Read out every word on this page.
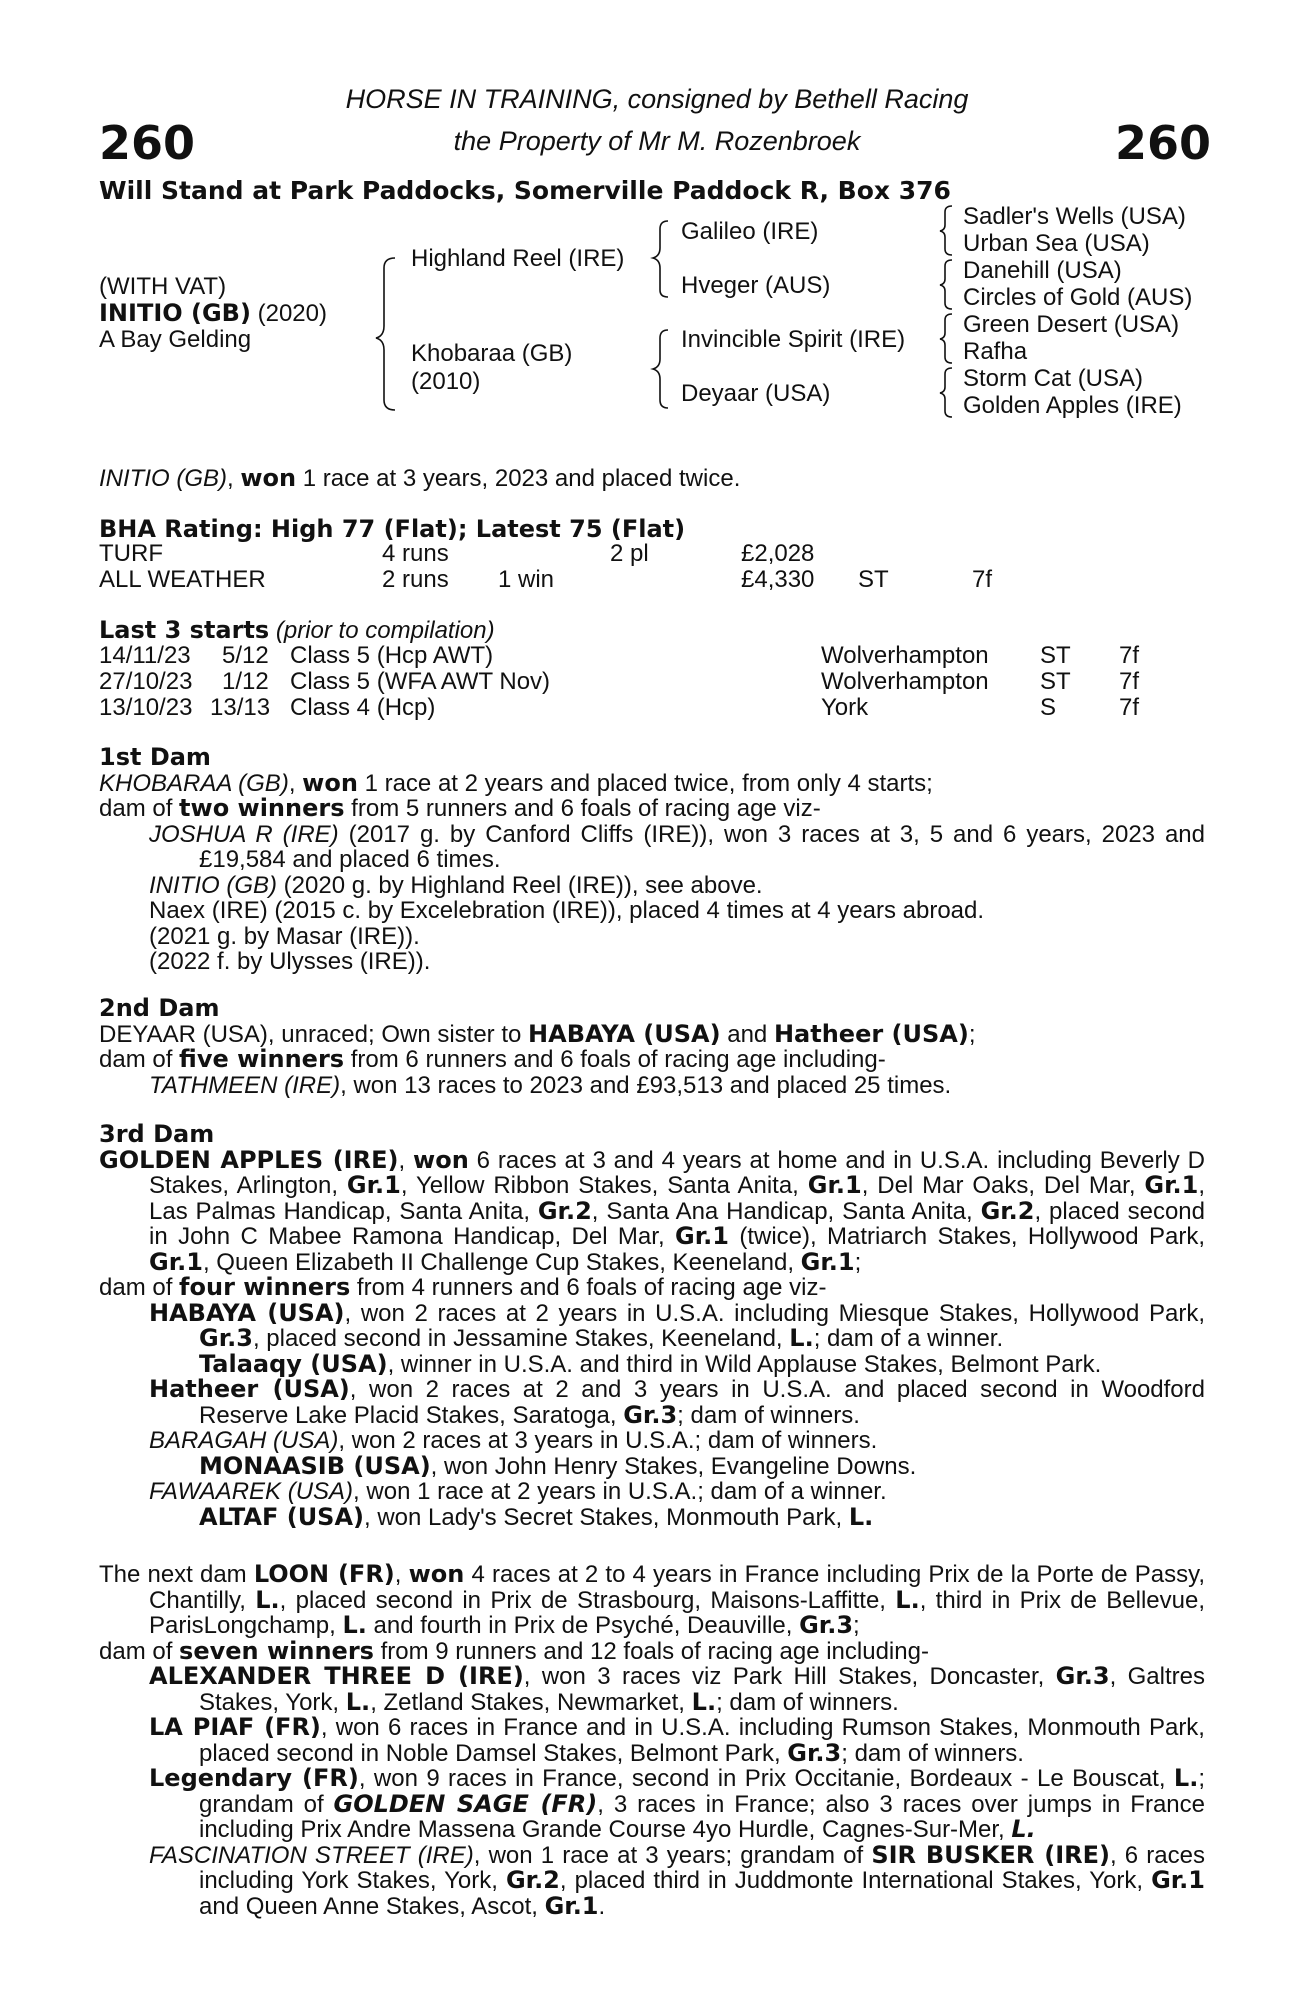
260	260
HORSE IN TRAINING, consigned by Bethell Racing
the Property of Mr M. Rozenbroek
Will Stand at Park Paddocks, Somerville Paddock R, Box 376
(WITH VAT)
INITIO (GB) (2020)
A Bay Gelding
Highland Reel (IRE)
Khobaraa (GB)
(2010)
Galileo (IRE)
Hveger (AUS)
Invincible Spirit (IRE)
Deyaar (USA)
Sadler's Wells (USA)
Urban Sea (USA)
Danehill (USA)
Circles of Gold (AUS)
Green Desert (USA)
Rafha
Storm Cat (USA)
Golden Apples (IRE)
INITIO (GB), won 1 race at 3 years, 2023 and placed twice.
BHA Rating: High 77 (Flat); Latest 75 (Flat)
TURF	4 runs	2 pl	£2,028
ALL WEATHER	2 runs 1 win	£4,330 ST	7f
Last 3 starts (prior to compilation)
14/11/23 5/12 Class 5 (Hcp AWT)	Wolverhampton ST 7f
27/10/23 1/12 Class 5 (WFA AWT Nov)	Wolverhampton ST 7f
13/10/23 13/13 Class 4 (Hcp)	York	S	7f

1st Dam

KHOBARAA (GB), won 1 race at 2 years and placed twice, from only 4 starts;

dam of two winners from 5 runners and 6 foals of racing age viz-

JOSHUA R (IRE) (2017 g. by Canford Cliffs (IRE)), won 3 races at 3, 5 and 6 years, 2023 and £19,584 and placed 6 times.

INITIO (GB) (2020 g. by Highland Reel (IRE)), see above.

Naex (IRE) (2015 c. by Excelebration (IRE)), placed 4 times at 4 years abroad.

(2021 g. by Masar (IRE)).

(2022 f. by Ulysses (IRE)).

2nd Dam

DEYAAR (USA), unraced; Own sister to HABAYA (USA) and Hatheer (USA);

dam of five winners from 6 runners and 6 foals of racing age including-

TATHMEEN (IRE), won 13 races to 2023 and £93,513 and placed 25 times.

3rd Dam

GOLDEN APPLES (IRE), won 6 races at 3 and 4 years at home and in U.S.A. including Beverly D Stakes, Arlington, Gr.1, Yellow Ribbon Stakes, Santa Anita, Gr.1, Del Mar Oaks, Del Mar, Gr.1, Las Palmas Handicap, Santa Anita, Gr.2, Santa Ana Handicap, Santa Anita, Gr.2, placed second in John C Mabee Ramona Handicap, Del Mar, Gr.1 (twice), Matriarch Stakes, Hollywood Park, Gr.1, Queen Elizabeth II Challenge Cup Stakes, Keeneland, Gr.1;

dam of four winners from 4 runners and 6 foals of racing age viz-

HABAYA (USA), won 2 races at 2 years in U.S.A. including Miesque Stakes, Hollywood Park, Gr.3, placed second in Jessamine Stakes, Keeneland, L.; dam of a winner.

Talaaqy (USA), winner in U.S.A. and third in Wild Applause Stakes, Belmont Park.

Hatheer (USA), won 2 races at 2 and 3 years in U.S.A. and placed second in Woodford Reserve Lake Placid Stakes, Saratoga, Gr.3; dam of winners.

BARAGAH (USA), won 2 races at 3 years in U.S.A.; dam of winners.

MONAASIB (USA), won John Henry Stakes, Evangeline Downs.

FAWAAREK (USA), won 1 race at 2 years in U.S.A.; dam of a winner.

ALTAF (USA), won Lady's Secret Stakes, Monmouth Park, L.

The next dam LOON (FR), won 4 races at 2 to 4 years in France including Prix de la Porte de Passy, Chantilly, L., placed second in Prix de Strasbourg, Maisons-Laffitte, L., third in Prix de Bellevue, ParisLongchamp, L. and fourth in Prix de Psyché, Deauville, Gr.3;

dam of seven winners from 9 runners and 12 foals of racing age including-

ALEXANDER THREE D (IRE), won 3 races viz Park Hill Stakes, Doncaster, Gr.3, Galtres Stakes, York, L., Zetland Stakes, Newmarket, L.; dam of winners.

LA PIAF (FR), won 6 races in France and in U.S.A. including Rumson Stakes, Monmouth Park, placed second in Noble Damsel Stakes, Belmont Park, Gr.3; dam of winners.

Legendary (FR), won 9 races in France, second in Prix Occitanie, Bordeaux - Le Bouscat, L.; grandam of GOLDEN SAGE (FR), 3 races in France; also 3 races over jumps in France including Prix Andre Massena Grande Course 4yo Hurdle, Cagnes-Sur-Mer, L.

FASCINATION STREET (IRE), won 1 race at 3 years; grandam of SIR BUSKER (IRE), 6 races including York Stakes, York, Gr.2, placed third in Juddmonte International Stakes, York, Gr.1 and Queen Anne Stakes, Ascot, Gr.1.
